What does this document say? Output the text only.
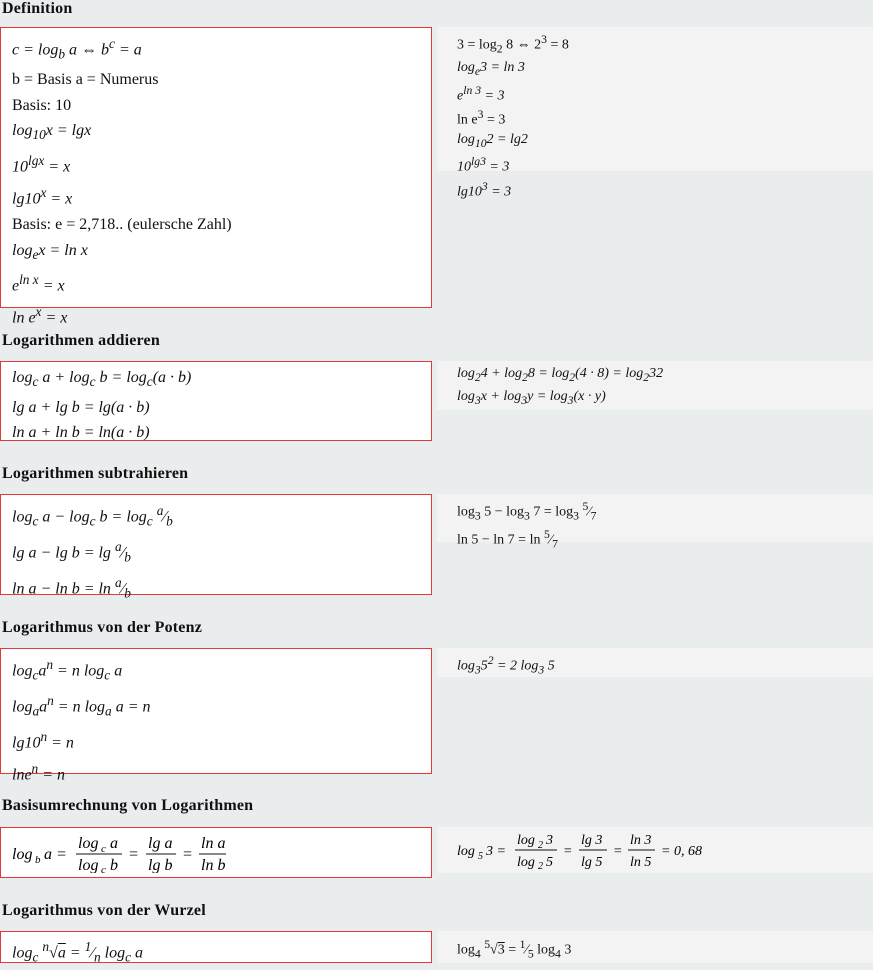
Definition
$c = \log_b a$ ⇔ $b^c = a$
b = Basis a = Numerus
Basis: 10
$\log_{10}x = \lg x$
$10^{lgx} = x$
$\lg 10^x = x$
Basis: e = 2,718.. (eulersche Zahl)
$\log_ex = \ln x$
$e^{ln x} = x$
$\ln e^x = x$
$3 = \log_2 8$ ⇔ $2^3 = 8$
$\log_e3 = \ln 3$
$e^{ln 3} = 3$
$\ln e^3 = 3$
$\log_{10}2 = \lg 2$
$10^{lg3} = 3$
$\lg 10^3 = 3$
Logarithmen addieren
$\log_c a + \log_c b = \log_c(a \cdot b)$
lg a + lg b = lg(a · b)
ln a + ln b = ln(a · b)
$\log_24 + \log_28 = \log_2(4 \cdot 8) = \log_232$
$\log_3x + \log_3y = \log_3(x \cdot y)$
Logarithmen subtrahieren
$\log_c a - \log_c b = \log_c$ $^a⁄_b$
$\lg a - \lg b = \lg ^a⁄_b$
$\ln a - \ln b = \ln ^a⁄_b$
$\log_3 5 - \log_3 7 = \log_3$ $^5⁄_7$
$\ln 5 - \ln 7 = \ln ^5⁄_7$
Logarithmus von der Potenz
$\log_ca^n = n$ $\log_c a$
$\log_aa^n = n$ $\log_a a = n$
$\lg 10^n = n$
lne$^n$ = n
$\log_35^2 = 2$ $\log_3 5$
Basisumrechnung von Logarithmen
log b a =
log c a
log c b
=
lg a
lg b
=
ln a
ln b
log 5 3 =
log 2 3
log 2 5
=
lg 3
lg 5
=
ln 3
ln 5
= 0, 68
Logarithmus von der Wurzel
$\log_c ^n√a$ = $^1⁄_n$ $\log_c a$	$\log_4 ^5√3$ = $^1⁄_5$ $\log_4 3$
